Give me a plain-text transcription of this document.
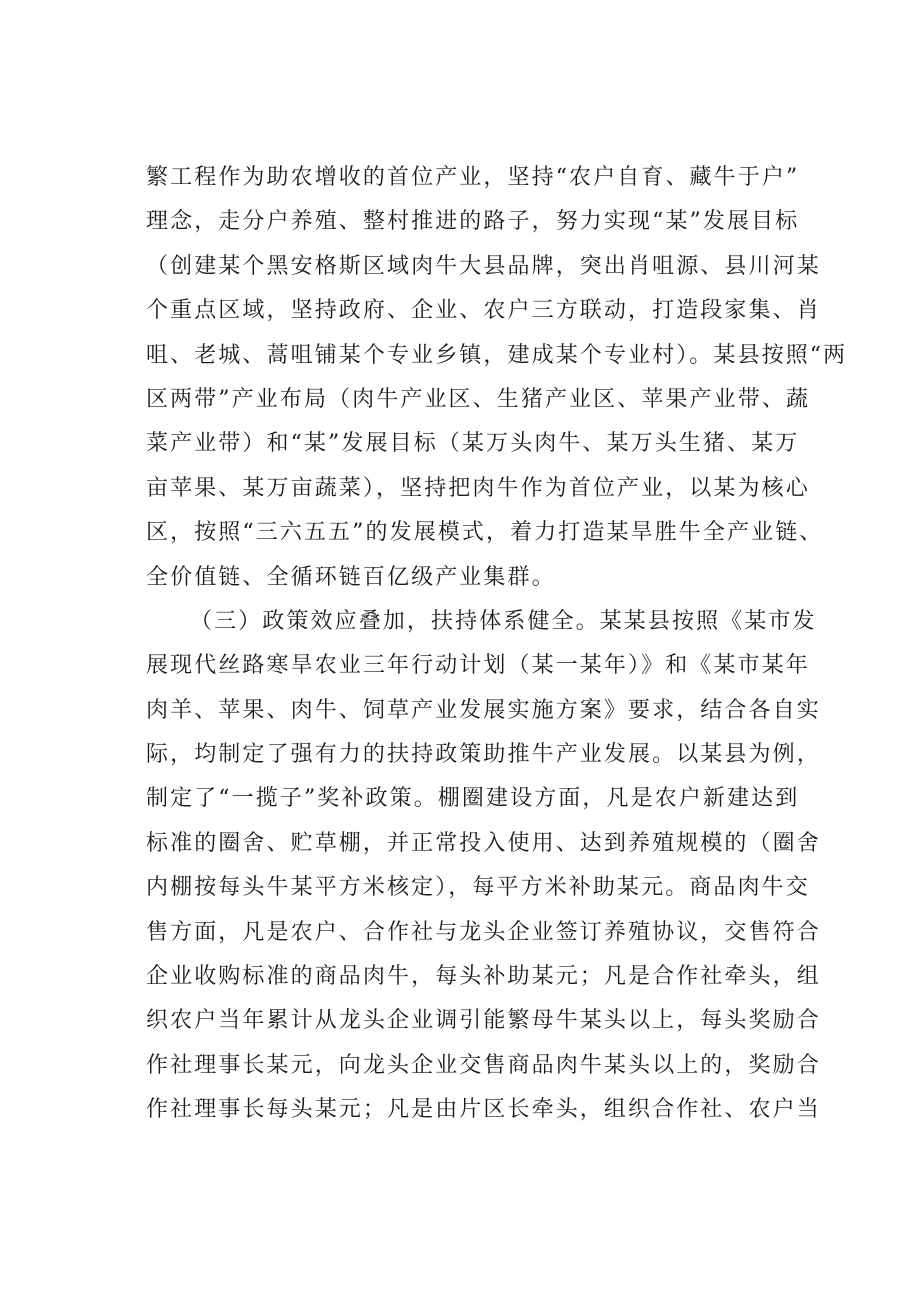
繁工程作为助农增收的首位产业，坚持“农户自育、藏牛于户”
理念，走分户养殖、整村推进的路子，努力实现“某”发展目标
（创建某个黑安格斯区域肉牛大县品牌，突出肖咀源、县川河某
个重点区域，坚持政府、企业、农户三方联动，打造段家集、肖
咀、老城、蒿咀铺某个专业乡镇，建成某个专业村）。某县按照“两
区两带”产业布局（肉牛产业区、生猪产业区、苹果产业带、蔬
菜产业带）和“某”发展目标（某万头肉牛、某万头生猪、某万
亩苹果、某万亩蔬菜），坚持把肉牛作为首位产业，以某为核心
区，按照“三六五五”的发展模式，着力打造某旱胜牛全产业链、
全价值链、全循环链百亿级产业集群。
（三）政策效应叠加，扶持体系健全。某某县按照《某市发
展现代丝路寒旱农业三年行动计划（某一某年）》和《某市某年
肉羊、苹果、肉牛、饲草产业发展实施方案》要求，结合各自实
际，均制定了强有力的扶持政策助推牛产业发展。以某县为例，
制定了“一揽子”奖补政策。棚圈建设方面，凡是农户新建达到
标准的圈舍、贮草棚，并正常投入使用、达到养殖规模的（圈舍
内棚按每头牛某平方米核定），每平方米补助某元。商品肉牛交
售方面，凡是农户、合作社与龙头企业签订养殖协议，交售符合
企业收购标准的商品肉牛，每头补助某元；凡是合作社牵头，组
织农户当年累计从龙头企业调引能繁母牛某头以上，每头奖励合
作社理事长某元，向龙头企业交售商品肉牛某头以上的，奖励合
作社理事长每头某元；凡是由片区长牵头，组织合作社、农户当
